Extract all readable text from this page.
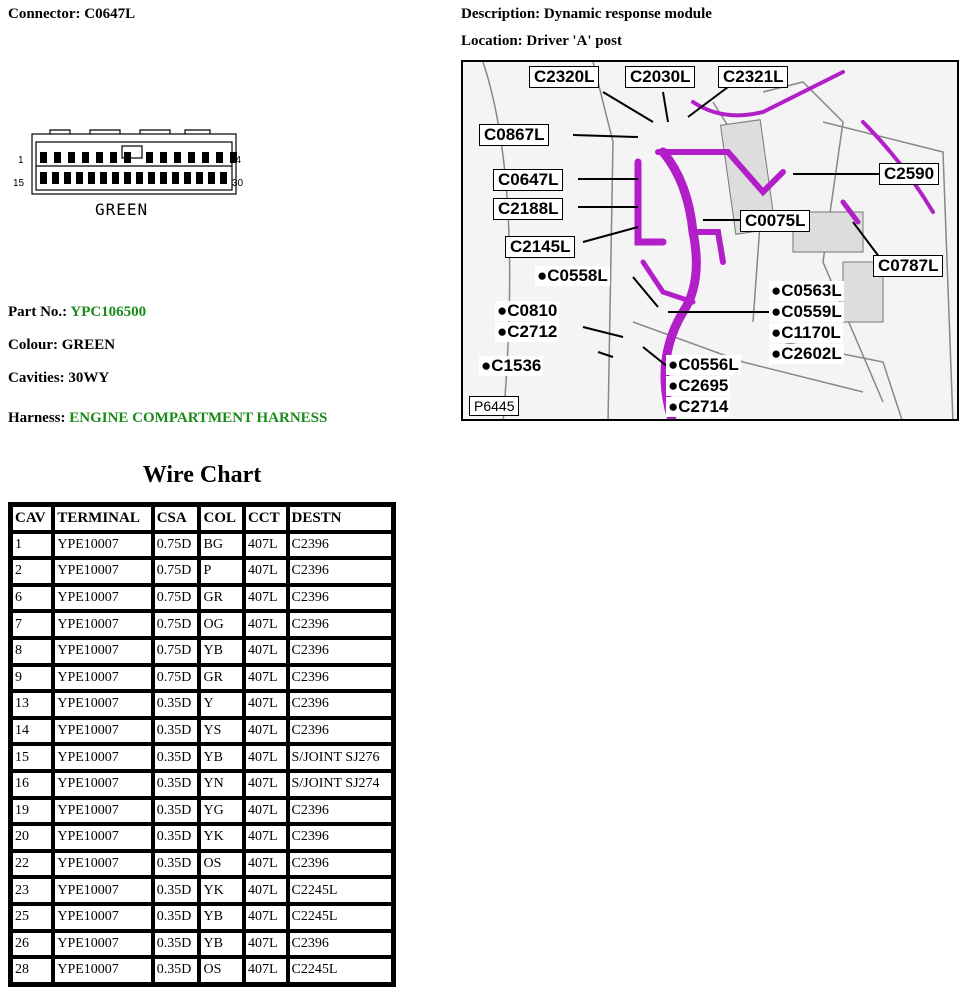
Connector: C0647L	Description: Dynamic response module
Location: Driver 'A' post
1	14
15	30
GREEN
Part No.: YPC106500
Colour: GREEN
Cavities: 30WY
Harness: ENGINE COMPARTMENT HARNESS
C2320L C2030L C2321L
C0867L
C2590
C0647L
C2188L
C0075L
C2145L
C0787L
●C0558L
●C0563L
●C0559L
●C1170L
●C2602L
●C0810
●C2712
●C1536	●C0556L
●C2695
●C2714
P6445
Wire Chart
CAV	TERMINAL	CSA	COL	CCT	DESTN
1	YPE10007	0.75D	BG	407L	C2396
2	YPE10007	0.75D	P	407L	C2396
6	YPE10007	0.75D	GR	407L	C2396
7	YPE10007	0.75D	OG	407L	C2396
8	YPE10007	0.75D	YB	407L	C2396
9	YPE10007	0.75D	GR	407L	C2396
13	YPE10007	0.35D	Y	407L	C2396
14	YPE10007	0.35D	YS	407L	C2396
15	YPE10007	0.35D	YB	407L	S/JOINT SJ276
16	YPE10007	0.35D	YN	407L	S/JOINT SJ274
19	YPE10007	0.35D	YG	407L	C2396
20	YPE10007	0.35D	YK	407L	C2396
22	YPE10007	0.35D	OS	407L	C2396
23	YPE10007	0.35D	YK	407L	C2245L
25	YPE10007	0.35D	YB	407L	C2245L
26	YPE10007	0.35D	YB	407L	C2396
28	YPE10007	0.35D	OS	407L	C2245L
